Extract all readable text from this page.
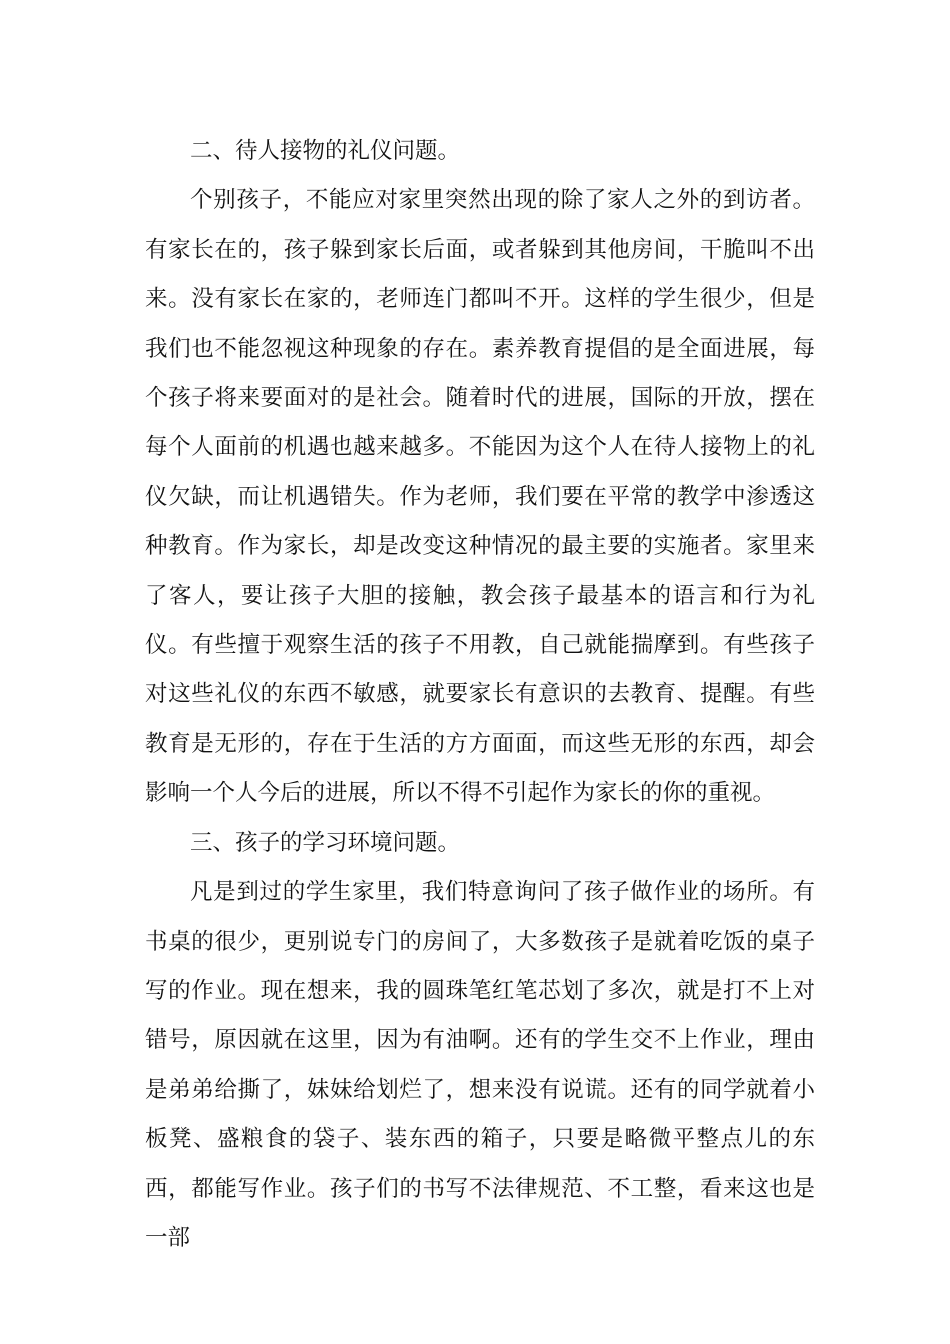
二、待人接物的礼仪问题。

个别孩子，不能应对家里突然出现的除了家人之外的到访者。有家长在的，孩子躲到家长后面，或者躲到其他房间，干脆叫不出来。没有家长在家的，老师连门都叫不开。这样的学生很少，但是我们也不能忽视这种现象的存在。素养教育提倡的是全面进展，每个孩子将来要面对的是社会。随着时代的进展，国际的开放，摆在每个人面前的机遇也越来越多。不能因为这个人在待人接物上的礼仪欠缺，而让机遇错失。作为老师，我们要在平常的教学中渗透这种教育。作为家长，却是改变这种情况的最主要的实施者。家里来了客人，要让孩子大胆的接触，教会孩子最基本的语言和行为礼仪。有些擅于观察生活的孩子不用教，自己就能揣摩到。有些孩子对这些礼仪的东西不敏感，就要家长有意识的去教育、提醒。有些教育是无形的，存在于生活的方方面面，而这些无形的东西，却会影响一个人今后的进展，所以不得不引起作为家长的你的重视。

三、孩子的学习环境问题。

凡是到过的学生家里，我们特意询问了孩子做作业的场所。有书桌的很少，更别说专门的房间了，大多数孩子是就着吃饭的桌子写的作业。现在想来，我的圆珠笔红笔芯划了多次，就是打不上对错号，原因就在这里，因为有油啊。还有的学生交不上作业，理由是弟弟给撕了，妹妹给划烂了，想来没有说谎。还有的同学就着小板凳、盛粮食的袋子、装东西的箱子，只要是略微平整点儿的东西，都能写作业。孩子们的书写不法律规范、不工整，看来这也是一部
